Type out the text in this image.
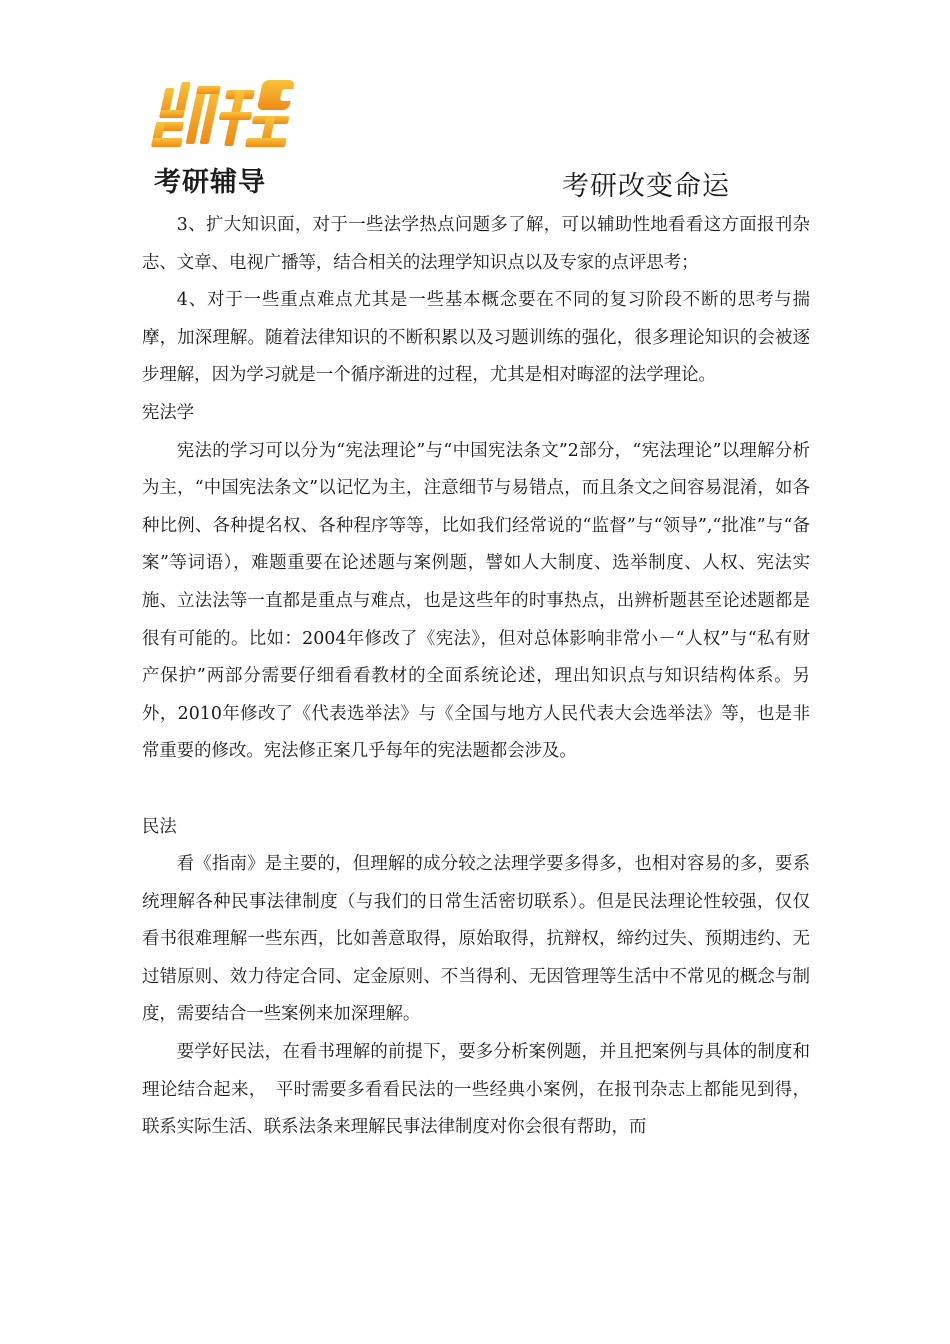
考研辅导	考研改变命运

3、扩大知识面，对于一些法学热点问题多了解，可以辅助性地看看这方面报刊杂志、文章、电视广播等，结合相关的法理学知识点以及专家的点评思考；

4、对于一些重点难点尤其是一些基本概念要在不同的复习阶段不断的思考与揣摩，加深理解。随着法律知识的不断积累以及习题训练的强化，很多理论知识的会被逐步理解，因为学习就是一个循序渐进的过程，尤其是相对晦涩的法学理论。

宪法学

宪法的学习可以分为“宪法理论”与“中国宪法条文”2部分，“宪法理论”以理解分析为主，“中国宪法条文”以记忆为主，注意细节与易错点，而且条文之间容易混淆，如各种比例、各种提名权、各种程序等等，比如我们经常说的“监督”与“领导”,“批准”与“备案”等词语），难题重要在论述题与案例题，譬如人大制度、选举制度、人权、宪法实施、立法法等一直都是重点与难点，也是这些年的时事热点，出辨析题甚至论述题都是很有可能的。比如：2004年修改了《宪法》，但对总体影响非常小－“人权”与“私有财产保护”两部分需要仔细看看教材的全面系统论述，理出知识点与知识结构体系。另外，2010年修改了《代表选举法》与《全国与地方人民代表大会选举法》等，也是非常重要的修改。宪法修正案几乎每年的宪法题都会涉及。

民法

看《指南》是主要的，但理解的成分较之法理学要多得多，也相对容易的多，要系统理解各种民事法律制度（与我们的日常生活密切联系）。但是民法理论性较强，仅仅看书很难理解一些东西，比如善意取得，原始取得，抗辩权，缔约过失、预期违约、无过错原则、效力待定合同、定金原则、不当得利、无因管理等生活中不常见的概念与制度，需要结合一些案例来加深理解。

要学好民法，在看书理解的前提下，要多分析案例题，并且把案例与具体的制度和理论结合起来，　平时需要多看看民法的一些经典小案例，在报刊杂志上都能见到得，联系实际生活、联系法条来理解民事法律制度对你会很有帮助，而
